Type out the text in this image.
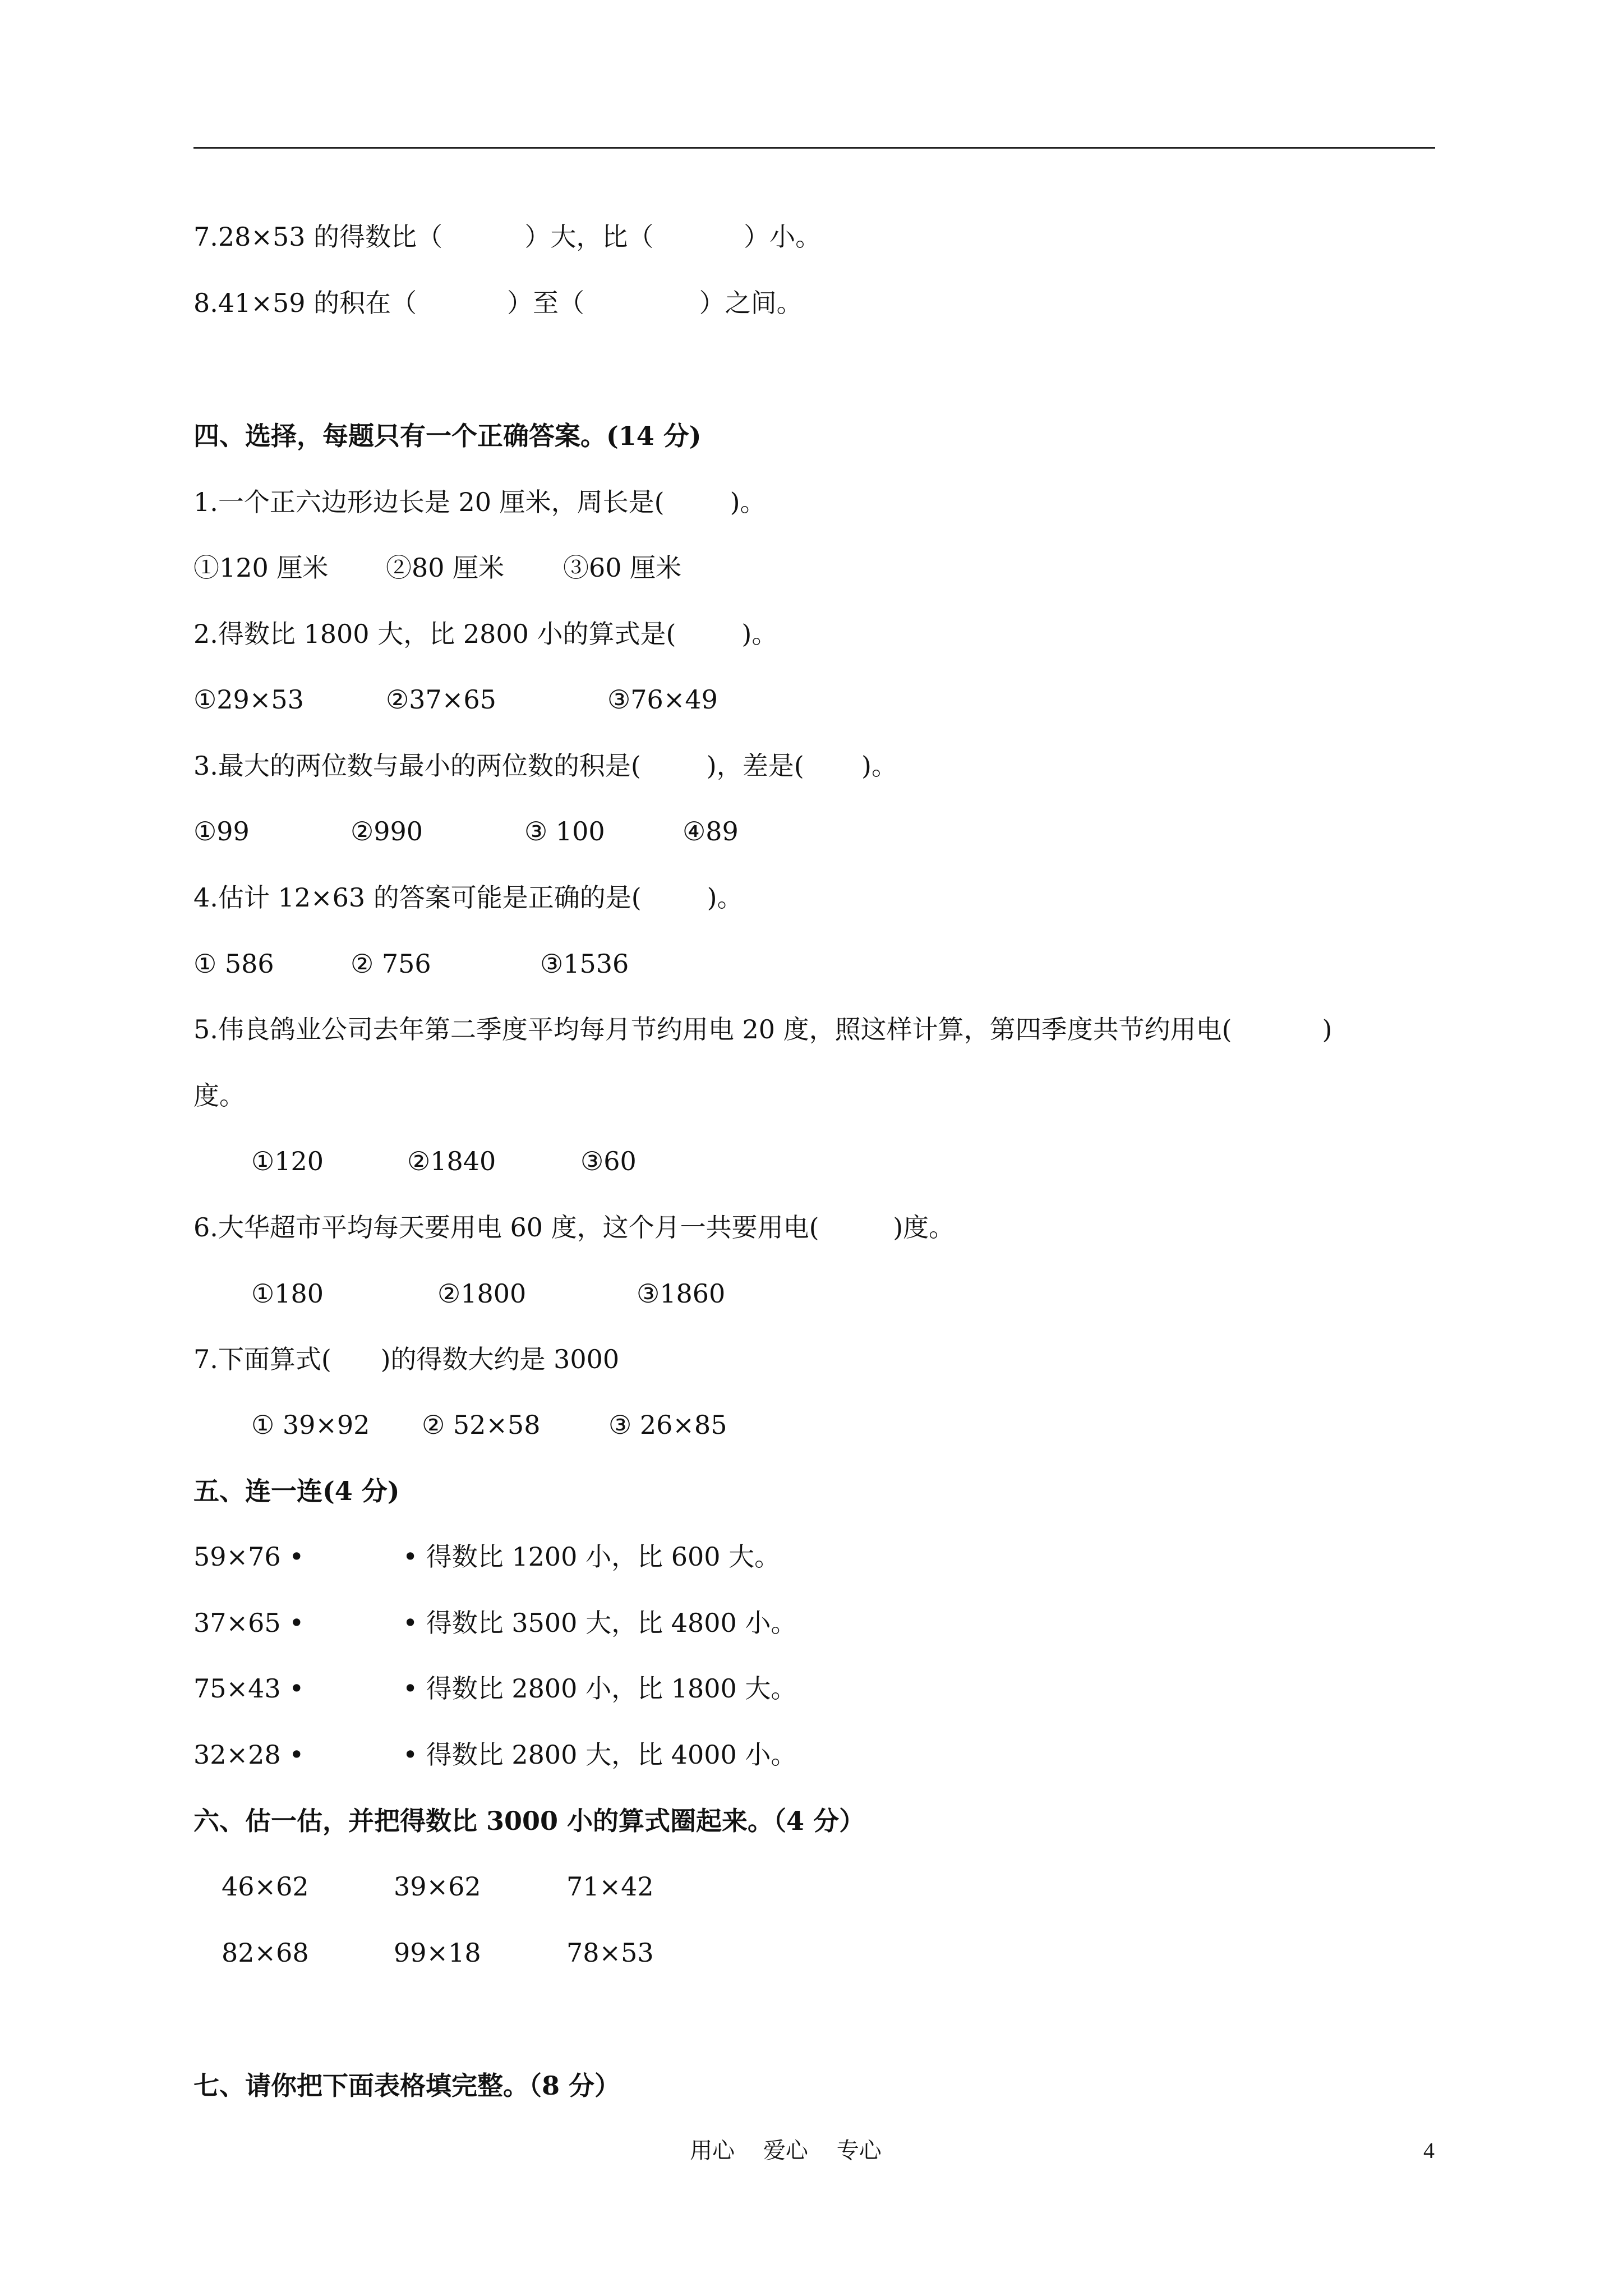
7.28×53 的得数比（          ）大，比（           ）小。
8.41×59 的积在（           ）至（              ）之间。
四、选择，每题只有一个正确答案。(14 分)
1.一个正六边形边长是 20 厘米，周长是(        )。
①120 厘米 ②80 厘米 ③60 厘米
2.得数比 1800 大，比 2800 小的算式是(        )。
①29×53	②37×65	③76×49
3.最大的两位数与最小的两位数的积是(        )，差是(       )。
①99	②990	③ 100	④89
4.估计 12×63 的答案可能是正确的是(        )。
① 586	② 756	③1536
5.伟良鸽业公司去年第二季度平均每月节约用电 20 度，照这样计算，第四季度共节约用电(           )
度。
①120	②1840	③60
6.大华超市平均每天要用电 60 度，这个月一共要用电(         )度。
①180	②1800	③1860
7.下面算式(      )的得数大约是 3000
① 39×92 ② 52×58	③ 26×85
五、连一连(4 分)
59×76 •	• 得数比 1200 小，比 600 大。
37×65 •	• 得数比 3500 大，比 4800 小。
75×43 •	• 得数比 2800 小，比 1800 大。
32×28 •	• 得数比 2800 大，比 4000 小。
六、估一估，并把得数比 3000 小的算式圈起来。（4 分）
46×62	39×62	71×42
82×68	99×18	78×53
七、请你把下面表格填完整。（8 分）
用心    爱心    专心	4
